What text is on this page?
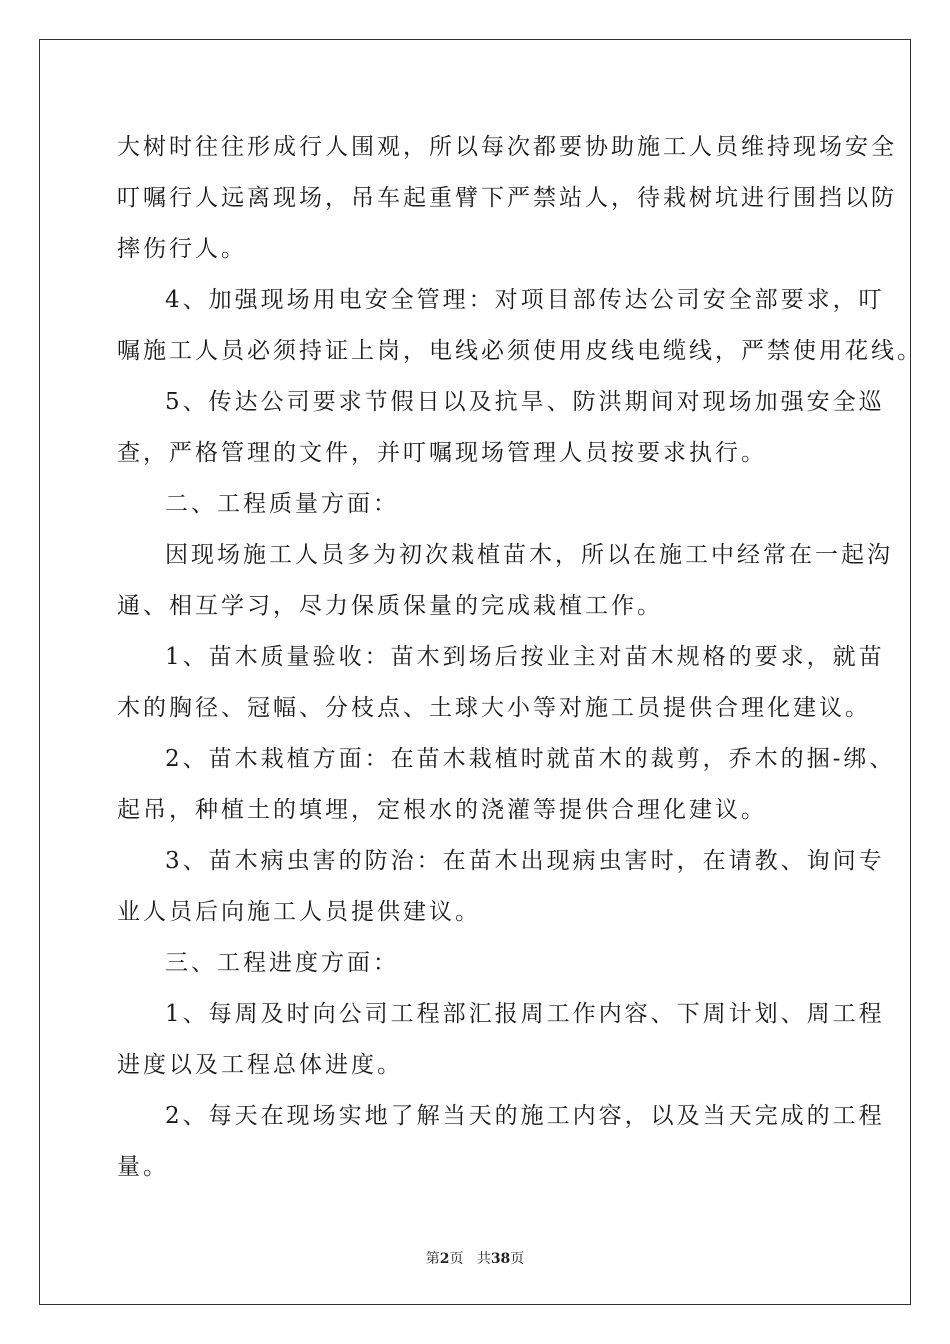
大树时往往形成行人围观，所以每次都要协助施工人员维持现场安全
叮嘱行人远离现场，吊车起重臂下严禁站人，待栽树坑进行围挡以防
摔伤行人。
4、加强现场用电安全管理：对项目部传达公司安全部要求，叮
嘱施工人员必须持证上岗，电线必须使用皮线电缆线，严禁使用花线。
5、传达公司要求节假日以及抗旱、防洪期间对现场加强安全巡
查，严格管理的文件，并叮嘱现场管理人员按要求执行。
二、工程质量方面：
因现场施工人员多为初次栽植苗木，所以在施工中经常在一起沟
通、相互学习，尽力保质保量的完成栽植工作。
1、苗木质量验收：苗木到场后按业主对苗木规格的要求，就苗
木的胸径、冠幅、分枝点、土球大小等对施工员提供合理化建议。
2、苗木栽植方面：在苗木栽植时就苗木的裁剪，乔木的捆-绑、
起吊，种植土的填埋，定根水的浇灌等提供合理化建议。
3、苗木病虫害的防治：在苗木出现病虫害时，在请教、询问专
业人员后向施工人员提供建议。
三、工程进度方面：
1、每周及时向公司工程部汇报周工作内容、下周计划、周工程
进度以及工程总体进度。
2、每天在现场实地了解当天的施工内容，以及当天完成的工程
量。
第2页 共38页
